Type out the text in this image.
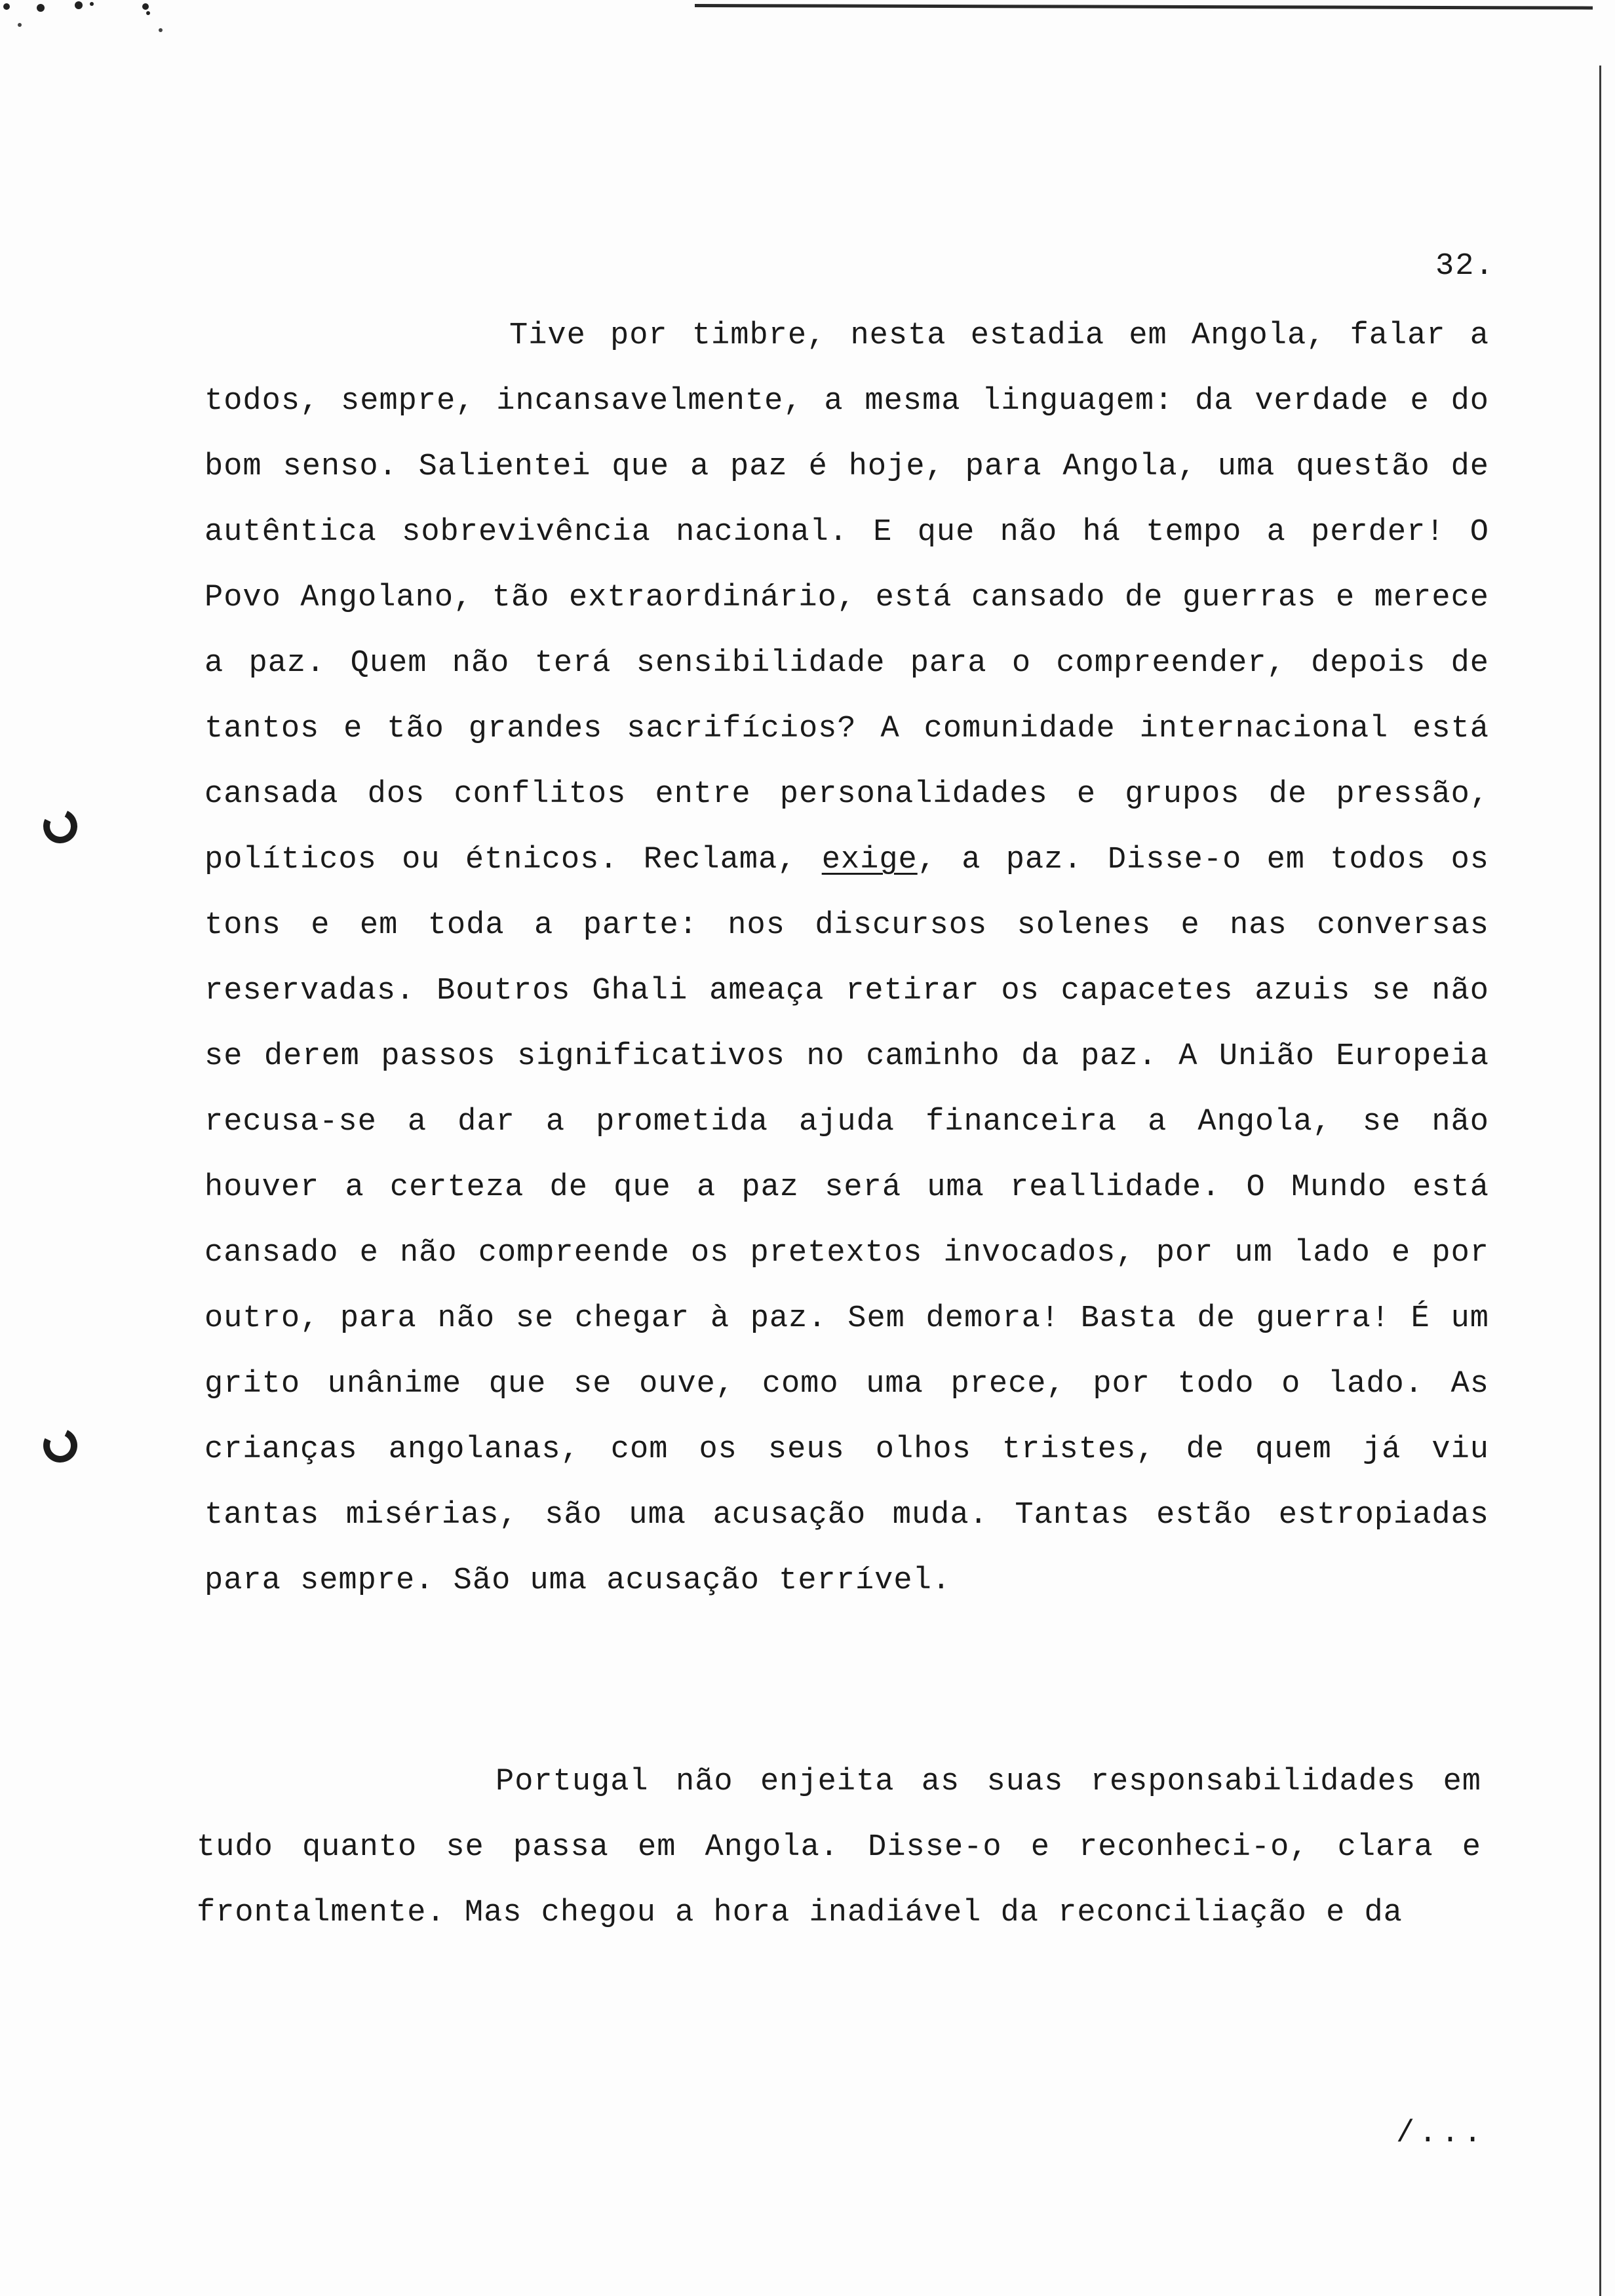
32.
Tive por timbre, nesta estadia em Angola, falar a todos, sempre, incansavelmente, a mesma linguagem: da verdade e do bom senso. Salientei que a paz é hoje, para Angola, uma questão de autêntica sobrevivência nacional. E que não há tempo a perder! O Povo Angolano, tão extraordinário, está cansado de guerras e merece a paz. Quem não terá sensibilidade para o compreender, depois de tantos e tão grandes sacrifícios? A comunidade internacional está cansada dos conflitos entre personalidades e grupos de pressão, políticos ou étnicos. Reclama, exige, a paz. Disse-o em todos os tons e em toda a parte: nos discursos solenes e nas conversas reservadas. Boutros Ghali ameaça retirar os capacetes azuis se não se derem passos significativos no caminho da paz. A União Europeia recusa-se a dar a prometida ajuda financeira a Angola, se não houver a certeza de que a paz será uma reallidade. O Mundo está cansado e não compreende os pretextos invocados, por um lado e por outro, para não se chegar à paz. Sem demora! Basta de guerra! É um grito unânime que se ouve, como uma prece, por todo o lado. As crianças angolanas, com os seus olhos tristes, de quem já viu tantas misérias, são uma acusação muda. Tantas estão estropiadas para sempre. São uma acusação terrível.
Portugal não enjeita as suas responsabilidades em tudo quanto se passa em Angola. Disse-o e reconheci-o, clara e frontalmente. Mas chegou a hora inadiável da reconciliação e da
/...
